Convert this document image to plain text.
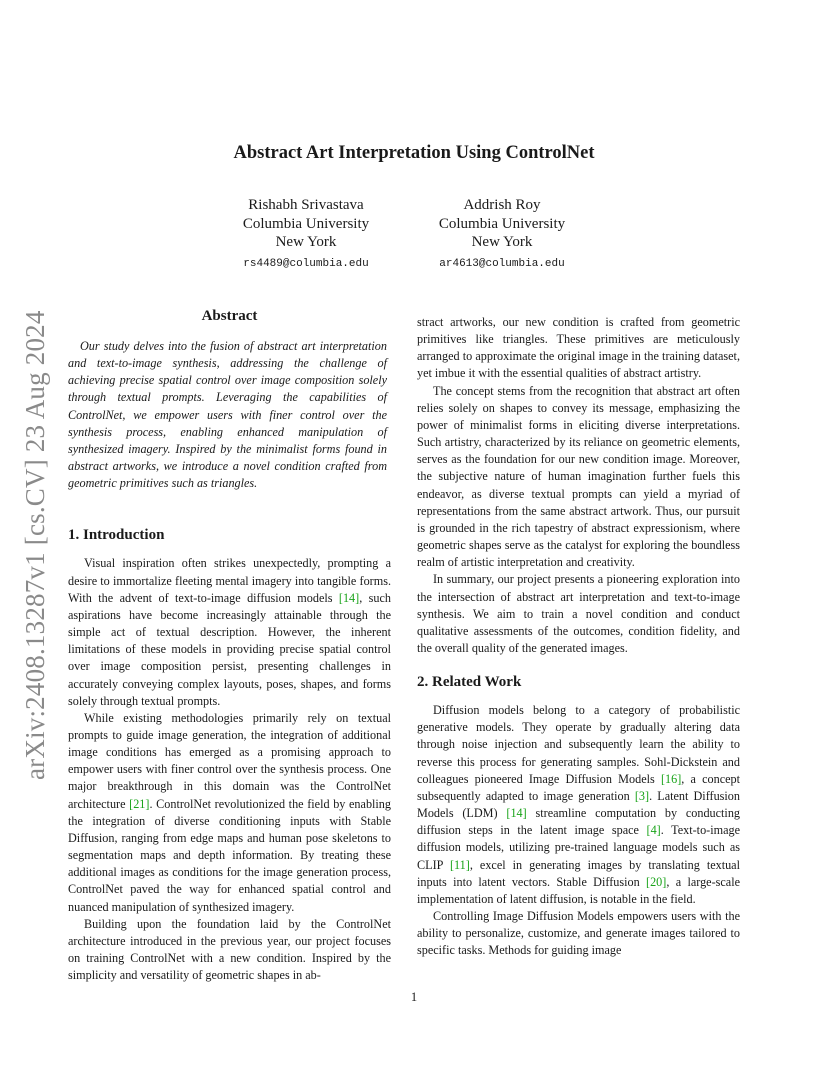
arXiv:2408.13287v1 [cs.CV] 23 Aug 2024
Abstract Art Interpretation Using ControlNet
Rishabh Srivastava
Columbia University
New York
rs4489@columbia.edu
Addrish Roy
Columbia University
New York
ar4613@columbia.edu
Abstract
Our study delves into the fusion of abstract art interpretation and text-to-image synthesis, addressing the challenge of achieving precise spatial control over image composition solely through textual prompts. Leveraging the capabilities of ControlNet, we empower users with finer control over the synthesis process, enabling enhanced manipulation of synthesized imagery. Inspired by the minimalist forms found in abstract artworks, we introduce a novel condition crafted from geometric primitives such as triangles.
1. Introduction

Visual inspiration often strikes unexpectedly, prompting a desire to immortalize fleeting mental imagery into tangible forms. With the advent of text-to-image diffusion models [14], such aspirations have become increasingly attainable through the simple act of textual description. However, the inherent limitations of these models in providing precise spatial control over image composition persist, presenting challenges in accurately conveying complex layouts, poses, shapes, and forms solely through textual prompts.

While existing methodologies primarily rely on textual prompts to guide image generation, the integration of additional image conditions has emerged as a promising approach to empower users with finer control over the synthesis process. One major breakthrough in this domain was the ControlNet architecture [21]. ControlNet revolutionized the field by enabling the integration of diverse conditioning inputs with Stable Diffusion, ranging from edge maps and human pose skeletons to segmentation maps and depth information. By treating these additional images as conditions for the image generation process, ControlNet paved the way for enhanced spatial control and nuanced manipulation of synthesized imagery.

Building upon the foundation laid by the ControlNet architecture introduced in the previous year, our project focuses on training ControlNet with a new condition. Inspired by the simplicity and versatility of geometric shapes in ab-

stract artworks, our new condition is crafted from geometric primitives like triangles. These primitives are meticulously arranged to approximate the original image in the training dataset, yet imbue it with the essential qualities of abstract artistry.

The concept stems from the recognition that abstract art often relies solely on shapes to convey its message, emphasizing the power of minimalist forms in eliciting diverse interpretations. Such artistry, characterized by its reliance on geometric elements, serves as the foundation for our new condition image. Moreover, the subjective nature of human imagination further fuels this endeavor, as diverse textual prompts can yield a myriad of representations from the same abstract artwork. Thus, our pursuit is grounded in the rich tapestry of abstract expressionism, where geometric shapes serve as the catalyst for exploring the boundless realm of artistic interpretation and creativity.

In summary, our project presents a pioneering exploration into the intersection of abstract art interpretation and text-to-image synthesis. We aim to train a novel condition and conduct qualitative assessments of the outcomes, condition fidelity, and the overall quality of the generated images.

2. Related Work

Diffusion models belong to a category of probabilistic generative models. They operate by gradually altering data through noise injection and subsequently learn the ability to reverse this process for generating samples. Sohl-Dickstein and colleagues pioneered Image Diffusion Models [16], a concept subsequently adapted to image generation [3]. Latent Diffusion Models (LDM) [14] streamline computation by conducting diffusion steps in the latent image space [4]. Text-to-image diffusion models, utilizing pre-trained language models such as CLIP [11], excel in generating images by translating textual inputs into latent vectors. Stable Diffusion [20], a large-scale implementation of latent diffusion, is notable in the field.

Controlling Image Diffusion Models empowers users with the ability to personalize, customize, and generate images tailored to specific tasks. Methods for guiding image

1
